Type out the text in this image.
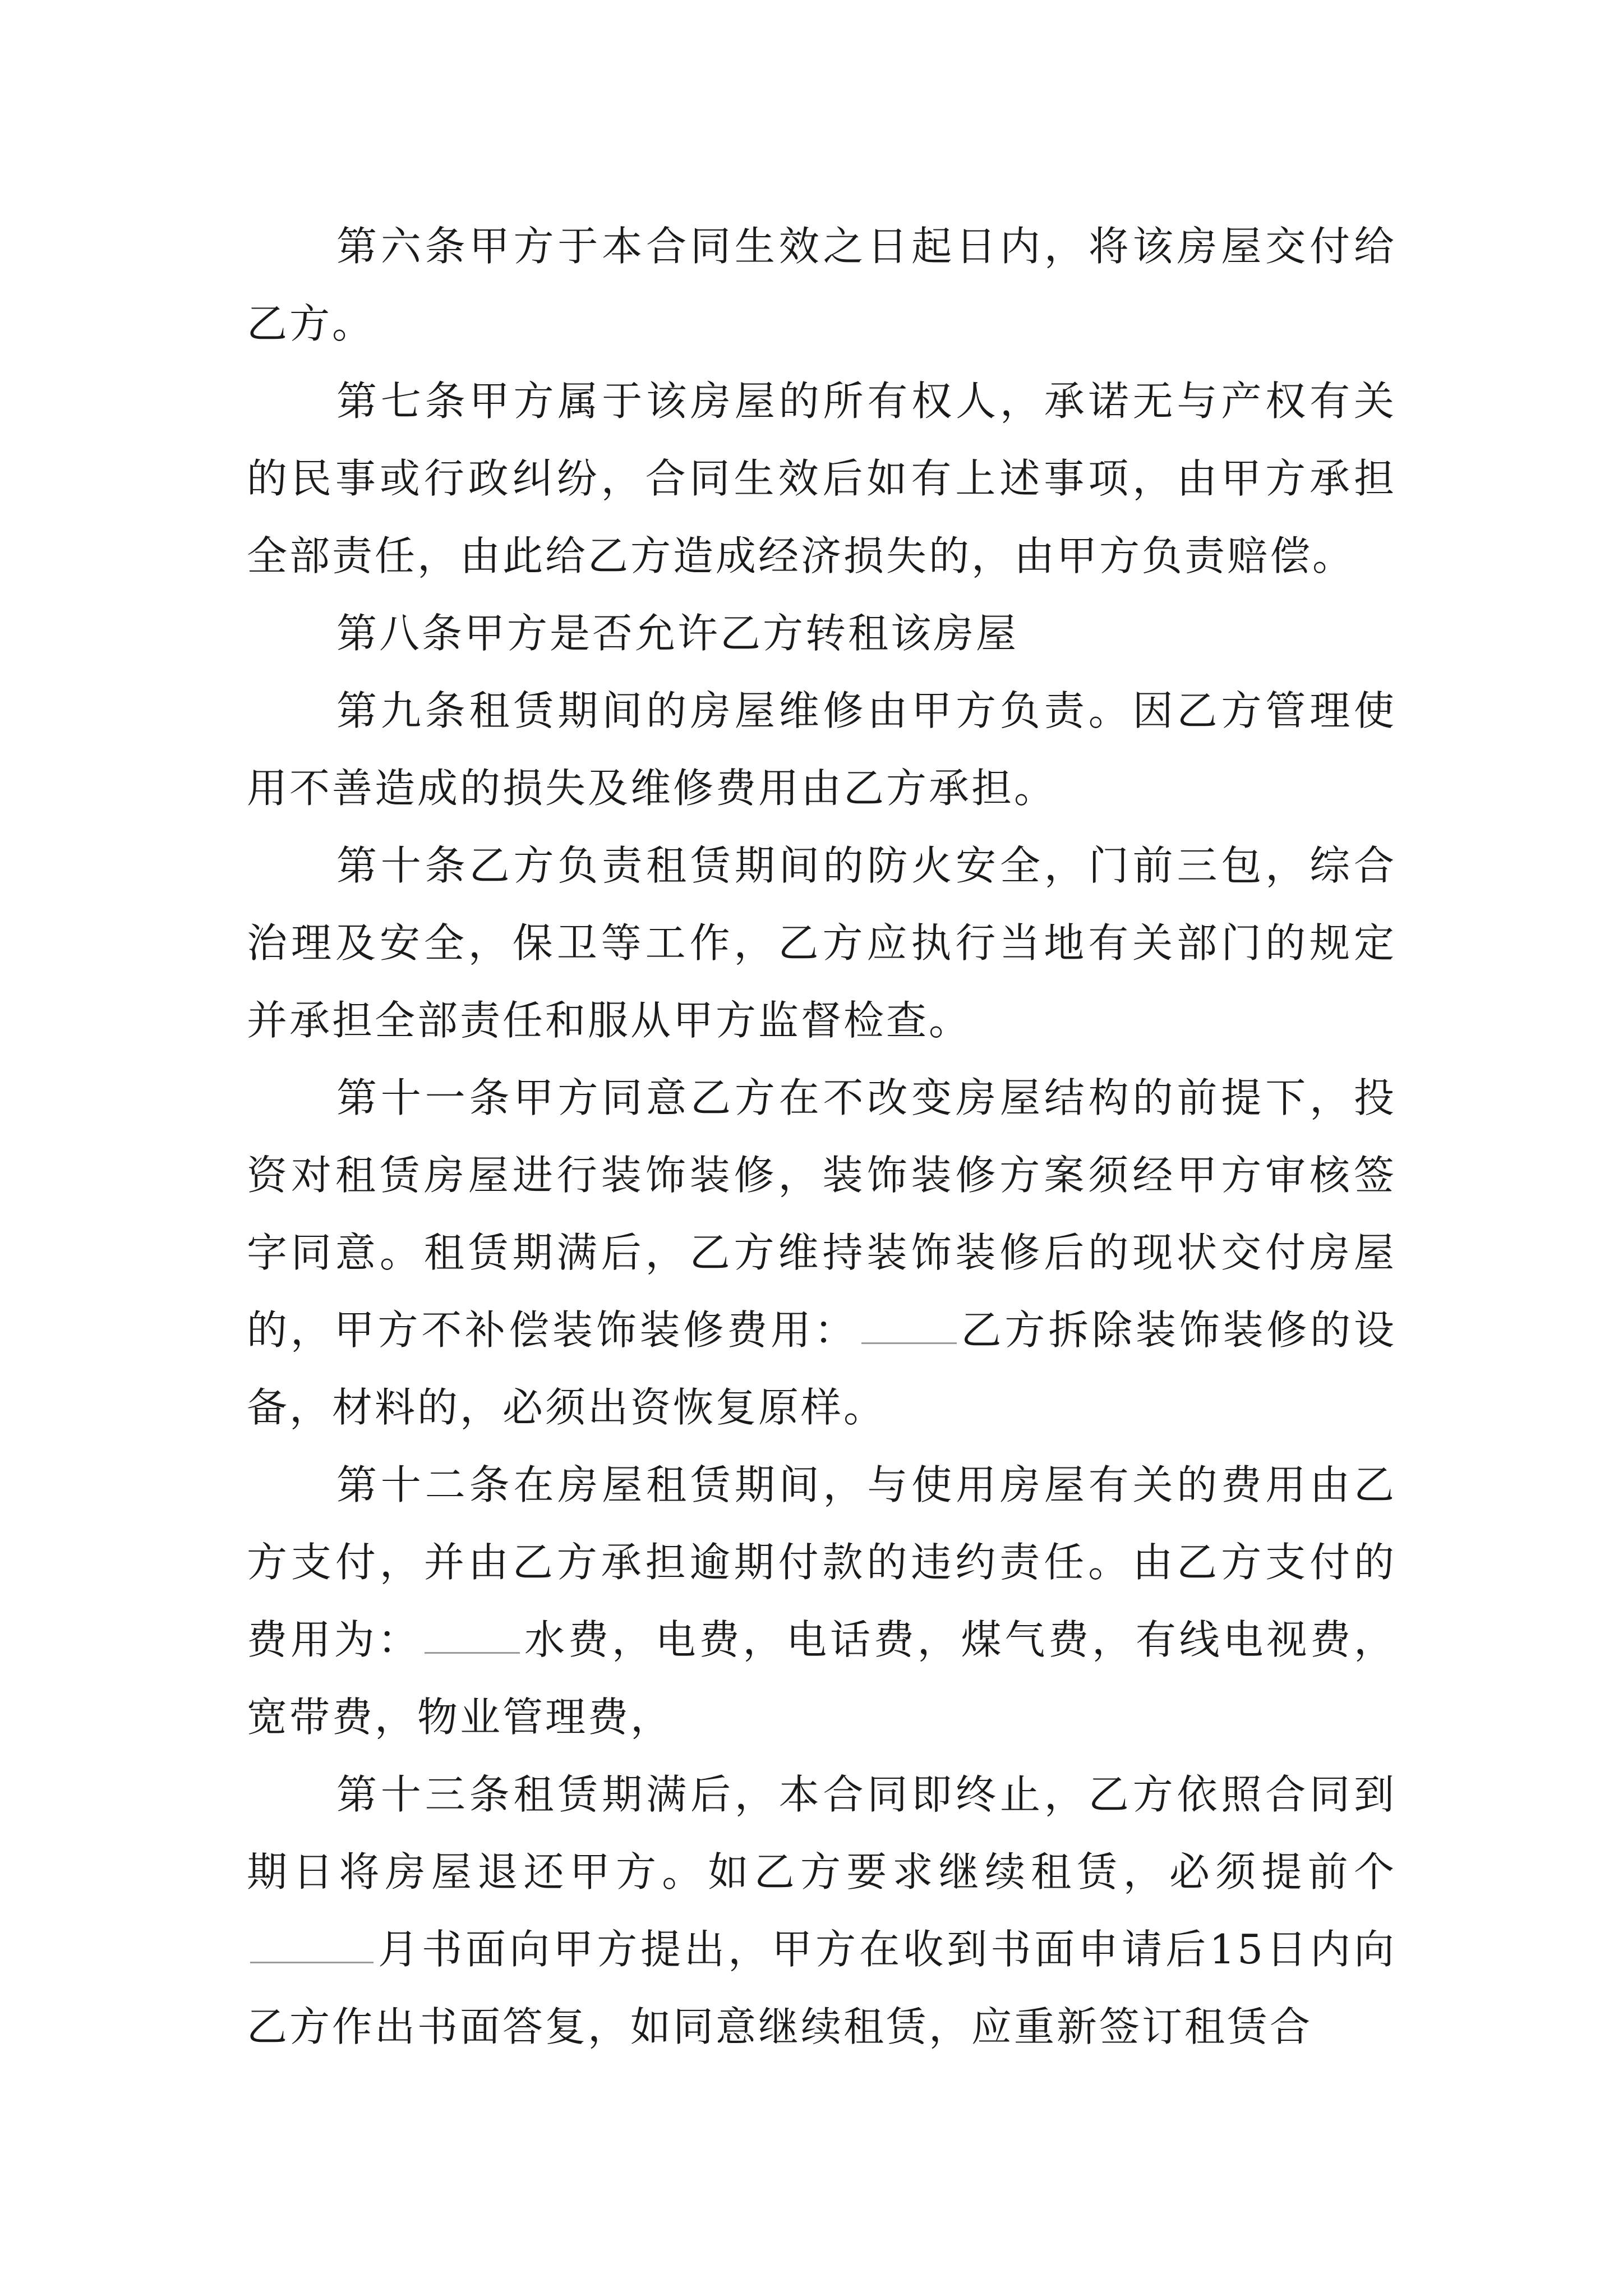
第六条甲方于本合同生效之日起日内，将该房屋交付给乙方。

第七条甲方属于该房屋的所有权人，承诺无与产权有关的民事或行政纠纷，合同生效后如有上述事项，由甲方承担全部责任，由此给乙方造成经济损失的，由甲方负责赔偿。

第八条甲方是否允许乙方转租该房屋

第九条租赁期间的房屋维修由甲方负责。因乙方管理使用不善造成的损失及维修费用由乙方承担。

第十条乙方负责租赁期间的防火安全，门前三包，综合治理及安全，保卫等工作，乙方应执行当地有关部门的规定并承担全部责任和服从甲方监督检查。

第十一条甲方同意乙方在不改变房屋结构的前提下，投资对租赁房屋进行装饰装修，装饰装修方案须经甲方审核签字同意。租赁期满后，乙方维持装饰装修后的现状交付房屋的，甲方不补偿装饰装修费用：	乙方拆除装饰装修的设备，材料的，必须出资恢复原样。

第十二条在房屋租赁期间，与使用房屋有关的费用由乙方支付，并由乙方承担逾期付款的违约责任。由乙方支付的费用为：	水费，电费，电话费，煤气费，有线电视费，宽带费，物业管理费，

第十三条租赁期满后，本合同即终止，乙方依照合同到期日将房屋退还甲方。如乙方要求继续租赁，必须提前个月书面向甲方提出，甲方在收到书面申请后15日内向乙方作出书面答复，如同意继续租赁，应重新签订租赁合
